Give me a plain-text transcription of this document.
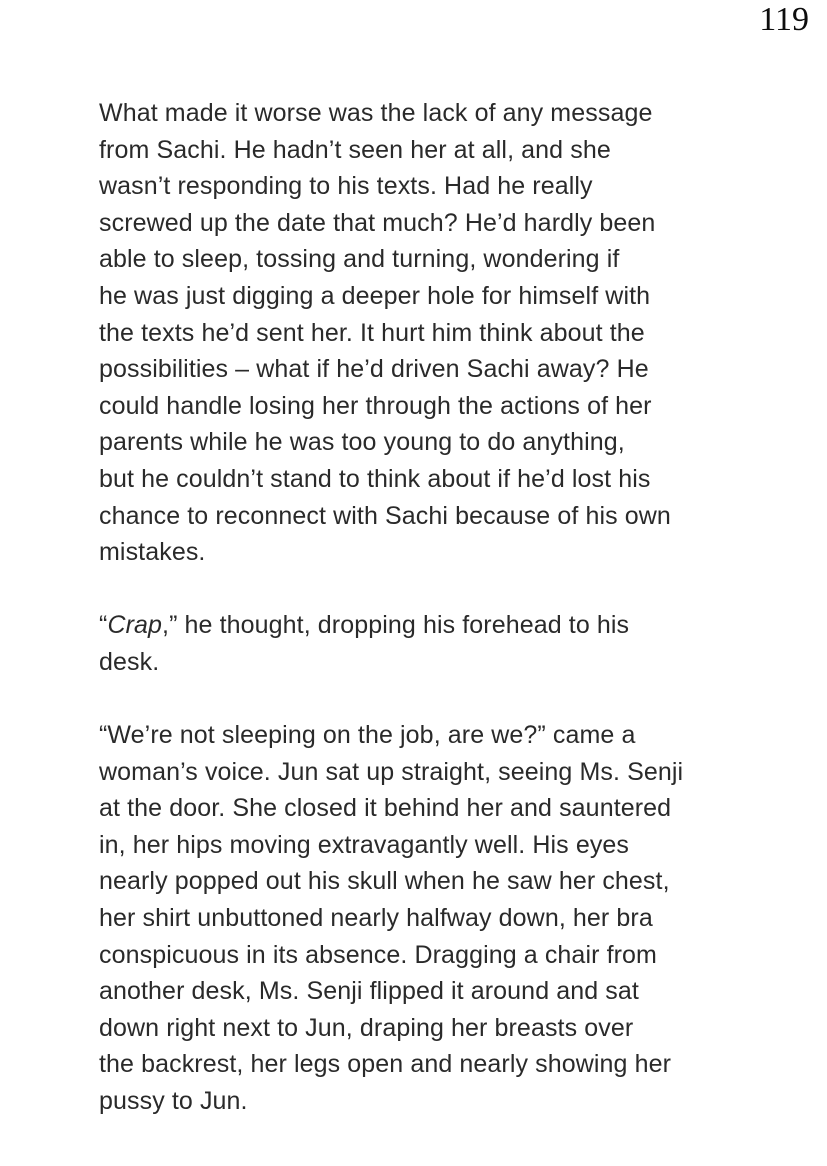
119
What made it worse was the lack of any message
from Sachi. He hadn’t seen her at all, and she
wasn’t responding to his texts. Had he really
screwed up the date that much? He’d hardly been
able to sleep, tossing and turning, wondering if
he was just digging a deeper hole for himself with
the texts he’d sent her. It hurt him think about the
possibilities – what if he’d driven Sachi away? He
could handle losing her through the actions of her
parents while he was too young to do anything,
but he couldn’t stand to think about if he’d lost his
chance to reconnect with Sachi because of his own
mistakes.
“Crap,” he thought, dropping his forehead to his
desk.
“We’re not sleeping on the job, are we?” came a
woman’s voice. Jun sat up straight, seeing Ms. Senji
at the door. She closed it behind her and sauntered
in, her hips moving extravagantly well. His eyes
nearly popped out his skull when he saw her chest,
her shirt unbuttoned nearly halfway down, her bra
conspicuous in its absence. Dragging a chair from
another desk, Ms. Senji flipped it around and sat
down right next to Jun, draping her breasts over
the backrest, her legs open and nearly showing her
pussy to Jun.
